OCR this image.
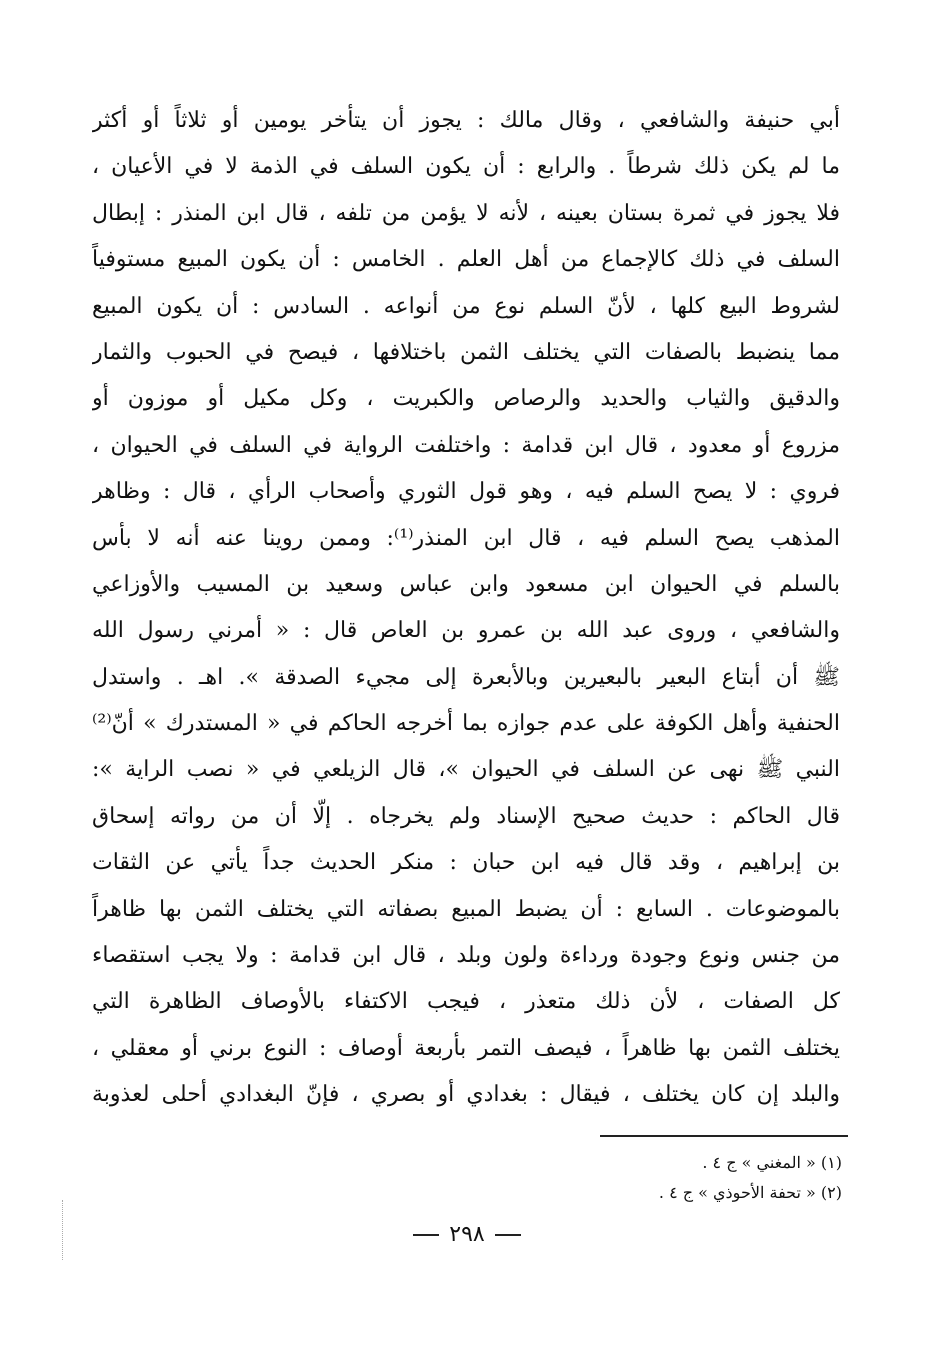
أبي حنيفة والشافعي ، وقال مالك : يجوز أن يتأخر يومين أو ثلاثاً أو أكثر
ما لم يكن ذلك شرطاً . والرابع : أن يكون السلف في الذمة لا في الأعيان ،
فلا يجوز في ثمرة بستان بعينه ، لأنه لا يؤمن من تلفه ، قال ابن المنذر : إبطال
السلف في ذلك كالإجماع من أهل العلم . الخامس : أن يكون المبيع مستوفياً
لشروط البيع كلها ، لأنّ السلم نوع من أنواعه . السادس : أن يكون المبيع
مما ينضبط بالصفات التي يختلف الثمن باختلافها ، فيصح في الحبوب والثمار
والدقيق والثياب والحديد والرصاص والكبريت ، وكل مكيل أو موزون أو
مزروع أو معدود ، قال ابن قدامة : واختلفت الرواية في السلف في الحيوان ،
فروي : لا يصح السلم فيه ، وهو قول الثوري وأصحاب الرأي ، قال : وظاهر
المذهب يصح السلم فيه ، قال ابن المنذر⁽¹⁾: وممن روينا عنه أنه لا بأس
بالسلم في الحيوان ابن مسعود وابن عباس وسعيد بن المسيب والأوزاعي
والشافعي ، وروى عبد الله بن عمرو بن العاص قال : « أمرني رسول الله
ﷺ أن أبتاع البعير بالبعيرين وبالأبعرة إلى مجيء الصدقة ». اهـ . واستدل
الحنفية وأهل الكوفة على عدم جوازه بما أخرجه الحاكم في « المستدرك » أنّ⁽²⁾
النبي ﷺ نهى عن السلف في الحيوان »، قال الزيلعي في « نصب الراية »:
قال الحاكم : حديث صحيح الإسناد ولم يخرجاه . إلّا أن من رواته إسحاق
بن إبراهيم ، وقد قال فيه ابن حبان : منكر الحديث جداً يأتي عن الثقات
بالموضوعات . السابع : أن يضبط المبيع بصفاته التي يختلف الثمن بها ظاهراً
من جنس ونوع وجودة ورداءة ولون وبلد ، قال ابن قدامة : ولا يجب استقصاء
كل الصفات ، لأن ذلك متعذر ، فيجب الاكتفاء بالأوصاف الظاهرة التي
يختلف الثمن بها ظاهراً ، فيصف التمر بأربعة أوصاف : النوع برني أو معقلي ،
والبلد إن كان يختلف ، فيقال : بغدادي أو بصري ، فإنّ البغدادي أحلى لعذوبة
(١) « المغني » ج ٤ .
(٢) « تحفة الأحوذي » ج ٤ .
٢٩٨
